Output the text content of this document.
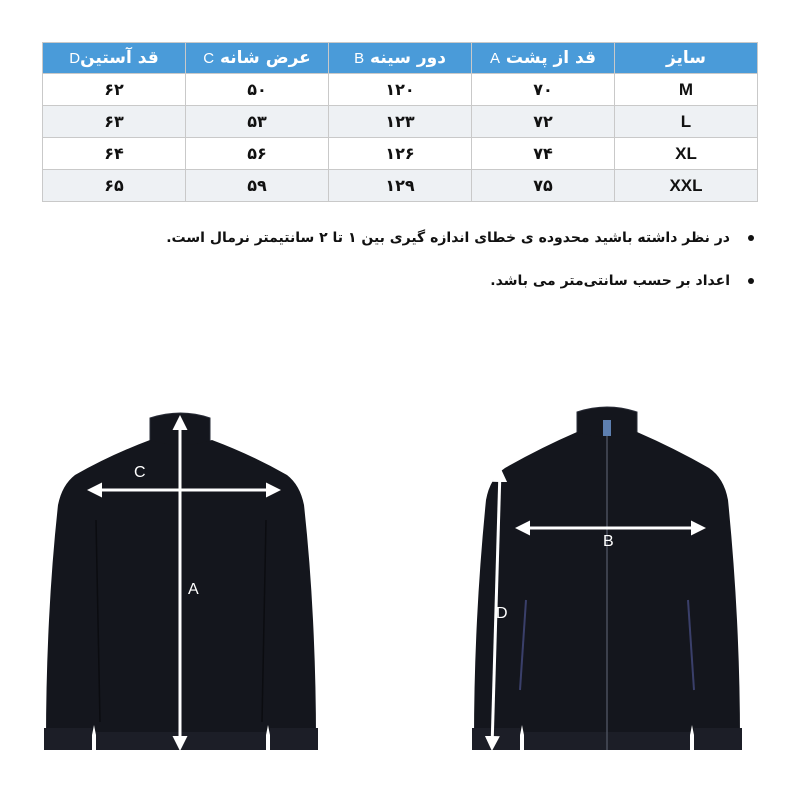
سایز	قد از پشت A	دور سینه B	عرض شانه C	قد آستینD
M	۷۰	۱۲۰	۵۰	۶۲
L	۷۲	۱۲۳	۵۳	۶۳
XL	۷۴	۱۲۶	۵۶	۶۴
XXL	۷۵	۱۲۹	۵۹	۶۵
در نظر داشته باشید محدوده ی خطای اندازه گیری بین ۱ تا ۲ سانتیمتر نرمال است.
اعداد بر حسب سانتی‌متر می باشد.
C
A
B
D
